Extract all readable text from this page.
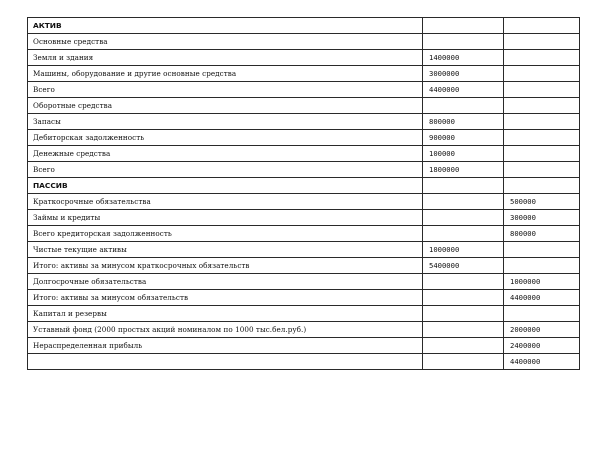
АКТИВ		
Основные средства		
Земля и здания	1400000	
Машины, оборудование и другие основные средства	3000000	
Всего	4400000	
Оборотные средства		
Запасы	800000	
Дебиторская задолженность	900000	
Денежные средства	100000	
Всего	1800000	
ПАССИВ		
Краткосрочные обязательства		500000
Займы и кредиты		300000
Всего кредиторская задолженность		800000
Чистые текущие активы	1000000	
Итого: активы за минусом краткосрочных обязательств	5400000	
Долгосрочные обязательства		1000000
Итого: активы за минусом обязательств		4400000
Капитал и резервы		
Уставный фонд (2000 простых акций номиналом по 1000 тыс.бел.руб.)		2000000
Нераспределенная прибыль		2400000
		4400000
